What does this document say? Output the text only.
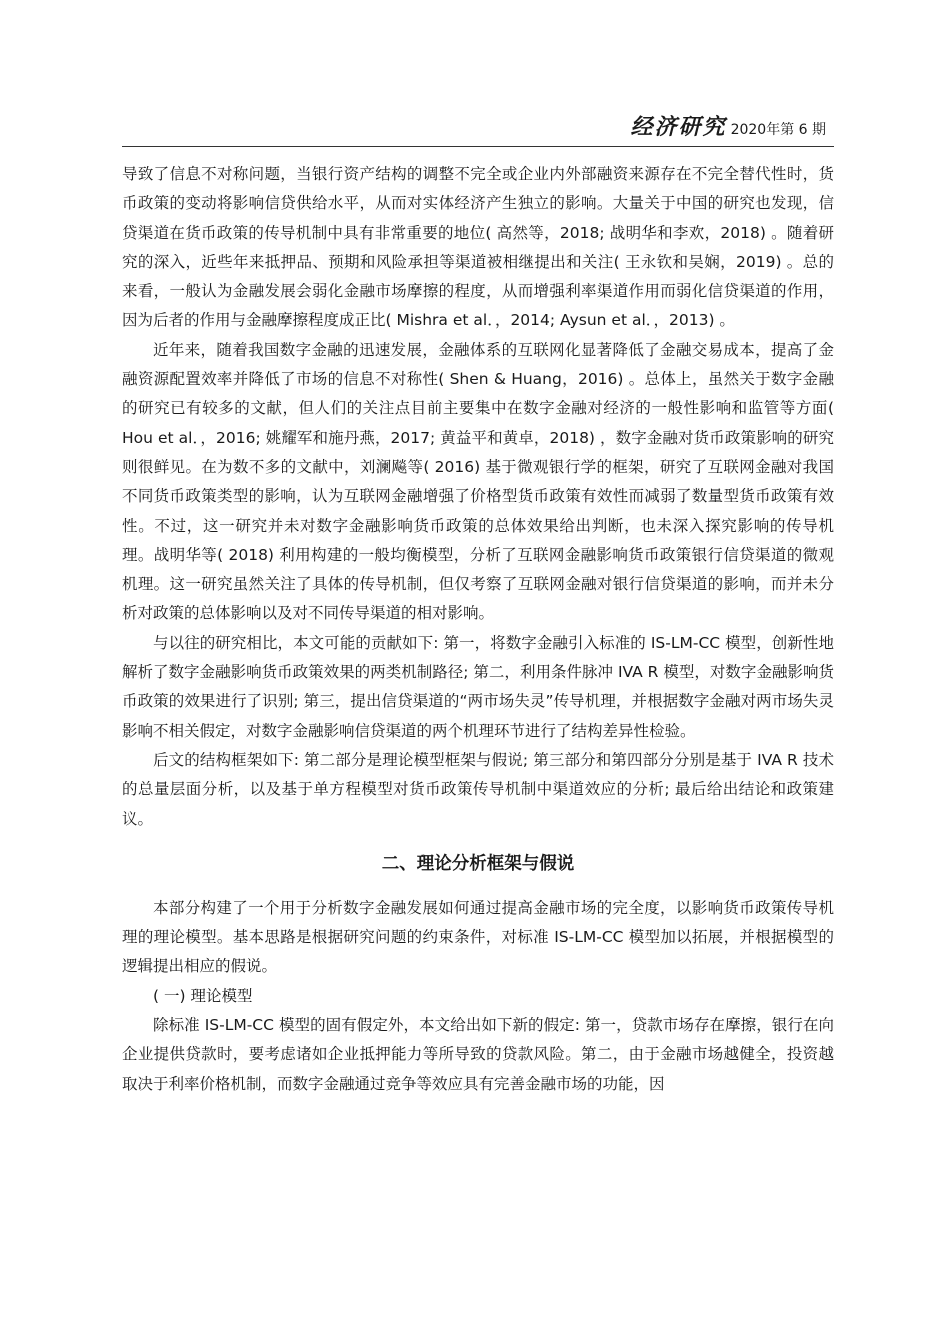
经济研究 2020年第 6 期

导致了信息不对称问题，当银行资产结构的调整不完全或企业内外部融资来源存在不完全替代性时，货币政策的变动将影响信贷供给水平，从而对实体经济产生独立的影响。大量关于中国的研究也发现，信贷渠道在货币政策的传导机制中具有非常重要的地位( 高然等，2018; 战明华和李欢，2018) 。随着研究的深入，近些年来抵押品、预期和风险承担等渠道被相继提出和关注( 王永钦和吴娴，2019) 。总的来看，一般认为金融发展会弱化金融市场摩擦的程度，从而增强利率渠道作用而弱化信贷渠道的作用，因为后者的作用与金融摩擦程度成正比( Mishra et al．，2014; Aysun et al．，2013) 。

近年来，随着我国数字金融的迅速发展，金融体系的互联网化显著降低了金融交易成本，提高了金融资源配置效率并降低了市场的信息不对称性( Shen & Huang，2016) 。总体上，虽然关于数字金融的研究已有较多的文献，但人们的关注点目前主要集中在数字金融对经济的一般性影响和监管等方面( Hou et al．，2016; 姚耀军和施丹燕，2017; 黄益平和黄卓，2018) ，数字金融对货币政策影响的研究则很鲜见。在为数不多的文献中，刘澜飚等( 2016) 基于微观银行学的框架，研究了互联网金融对我国不同货币政策类型的影响，认为互联网金融增强了价格型货币政策有效性而减弱了数量型货币政策有效性。不过，这一研究并未对数字金融影响货币政策的总体效果给出判断，也未深入探究影响的传导机理。战明华等( 2018) 利用构建的一般均衡模型，分析了互联网金融影响货币政策银行信贷渠道的微观机理。这一研究虽然关注了具体的传导机制，但仅考察了互联网金融对银行信贷渠道的影响，而并未分析对政策的总体影响以及对不同传导渠道的相对影响。

与以往的研究相比，本文可能的贡献如下: 第一，将数字金融引入标准的 IS-LM-CC 模型，创新性地解析了数字金融影响货币政策效果的两类机制路径; 第二，利用条件脉冲 IVA R 模型，对数字金融影响货币政策的效果进行了识别; 第三，提出信贷渠道的“两市场失灵”传导机理，并根据数字金融对两市场失灵影响不相关假定，对数字金融影响信贷渠道的两个机理环节进行了结构差异性检验。

后文的结构框架如下: 第二部分是理论模型框架与假说; 第三部分和第四部分分别是基于 IVA R 技术的总量层面分析，以及基于单方程模型对货币政策传导机制中渠道效应的分析; 最后给出结论和政策建议。

二、理论分析框架与假说

本部分构建了一个用于分析数字金融发展如何通过提高金融市场的完全度，以影响货币政策传导机理的理论模型。基本思路是根据研究问题的约束条件，对标准 IS-LM-CC 模型加以拓展，并根据模型的逻辑提出相应的假说。

( 一) 理论模型

除标准 IS-LM-CC 模型的固有假定外，本文给出如下新的假定: 第一，贷款市场存在摩擦，银行在向企业提供贷款时，要考虑诸如企业抵押能力等所导致的贷款风险。第二，由于金融市场越健全，投资越取决于利率价格机制，而数字金融通过竞争等效应具有完善金融市场的功能，因
